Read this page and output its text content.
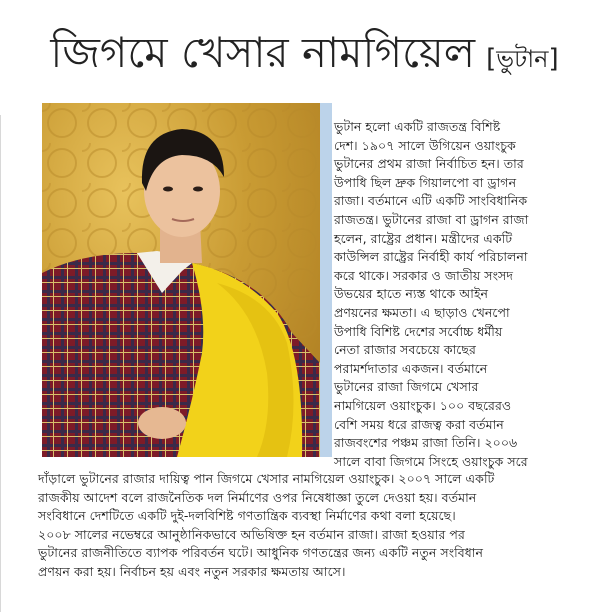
জিগমে খেসার নামগিয়েল [ভুটান]

ভুটান হলো একটি রাজতন্ত্র বিশিষ্ট
দেশ। ১৯০৭ সালে উগিয়েন ওয়াংচুক
ভুটানের প্রথম রাজা নির্বাচিত হন। তার
উপাধি ছিল দ্রুক গিয়ালপো বা ড্রাগন
রাজা। বর্তমানে এটি একটি সাংবিধানিক
রাজতন্ত্র। ভুটানের রাজা বা ড্রাগন রাজা
হলেন, রাষ্ট্রের প্রধান। মন্ত্রীদের একটি
কাউন্সিল রাষ্ট্রের নির্বাহী কার্য পরিচালনা
করে থাকে। সরকার ও জাতীয় সংসদ
উভয়ের হাতে ন্যস্ত থাকে আইন
প্রণয়নের ক্ষমতা। এ ছাড়াও খেনপো
উপাধি বিশিষ্ট দেশের সর্বোচ্চ ধর্মীয়
নেতা রাজার সবচেয়ে কাছের
পরামর্শদাতার একজন। বর্তমানে
ভুটানের রাজা জিগমে খেসার
নামগিয়েল ওয়াংচুক। ১০০ বছরেরও
বেশি সময় ধরে রাজত্ব করা বর্তমান
রাজবংশের পঞ্চম রাজা তিনি। ২০০৬
সালে বাবা জিগমে সিংহে ওয়াংচুক সরে

দাঁড়ালে ভুটানের রাজার দায়িত্ব পান জিগমে খেসার নামগিয়েল ওয়াংচুক। ২০০৭ সালে একটি
রাজকীয় আদেশ বলে রাজনৈতিক দল নির্মাণের ওপর নিষেধাজ্ঞা তুলে দেওয়া হয়। বর্তমান
সংবিধানে দেশটিতে একটি দুই-দলবিশিষ্ট গণতান্ত্রিক ব্যবস্থা নির্মাণের কথা বলা হয়েছে।
২০০৮ সালের নভেম্বরে আনুষ্ঠানিকভাবে অভিষিক্ত হন বর্তমান রাজা। রাজা হওয়ার পর
ভুটানের রাজনীতিতে ব্যাপক পরিবর্তন ঘটে। আধুনিক গণতন্ত্রের জন্য একটি নতুন সংবিধান
প্রণয়ন করা হয়। নির্বাচন হয় এবং নতুন সরকার ক্ষমতায় আসে।
